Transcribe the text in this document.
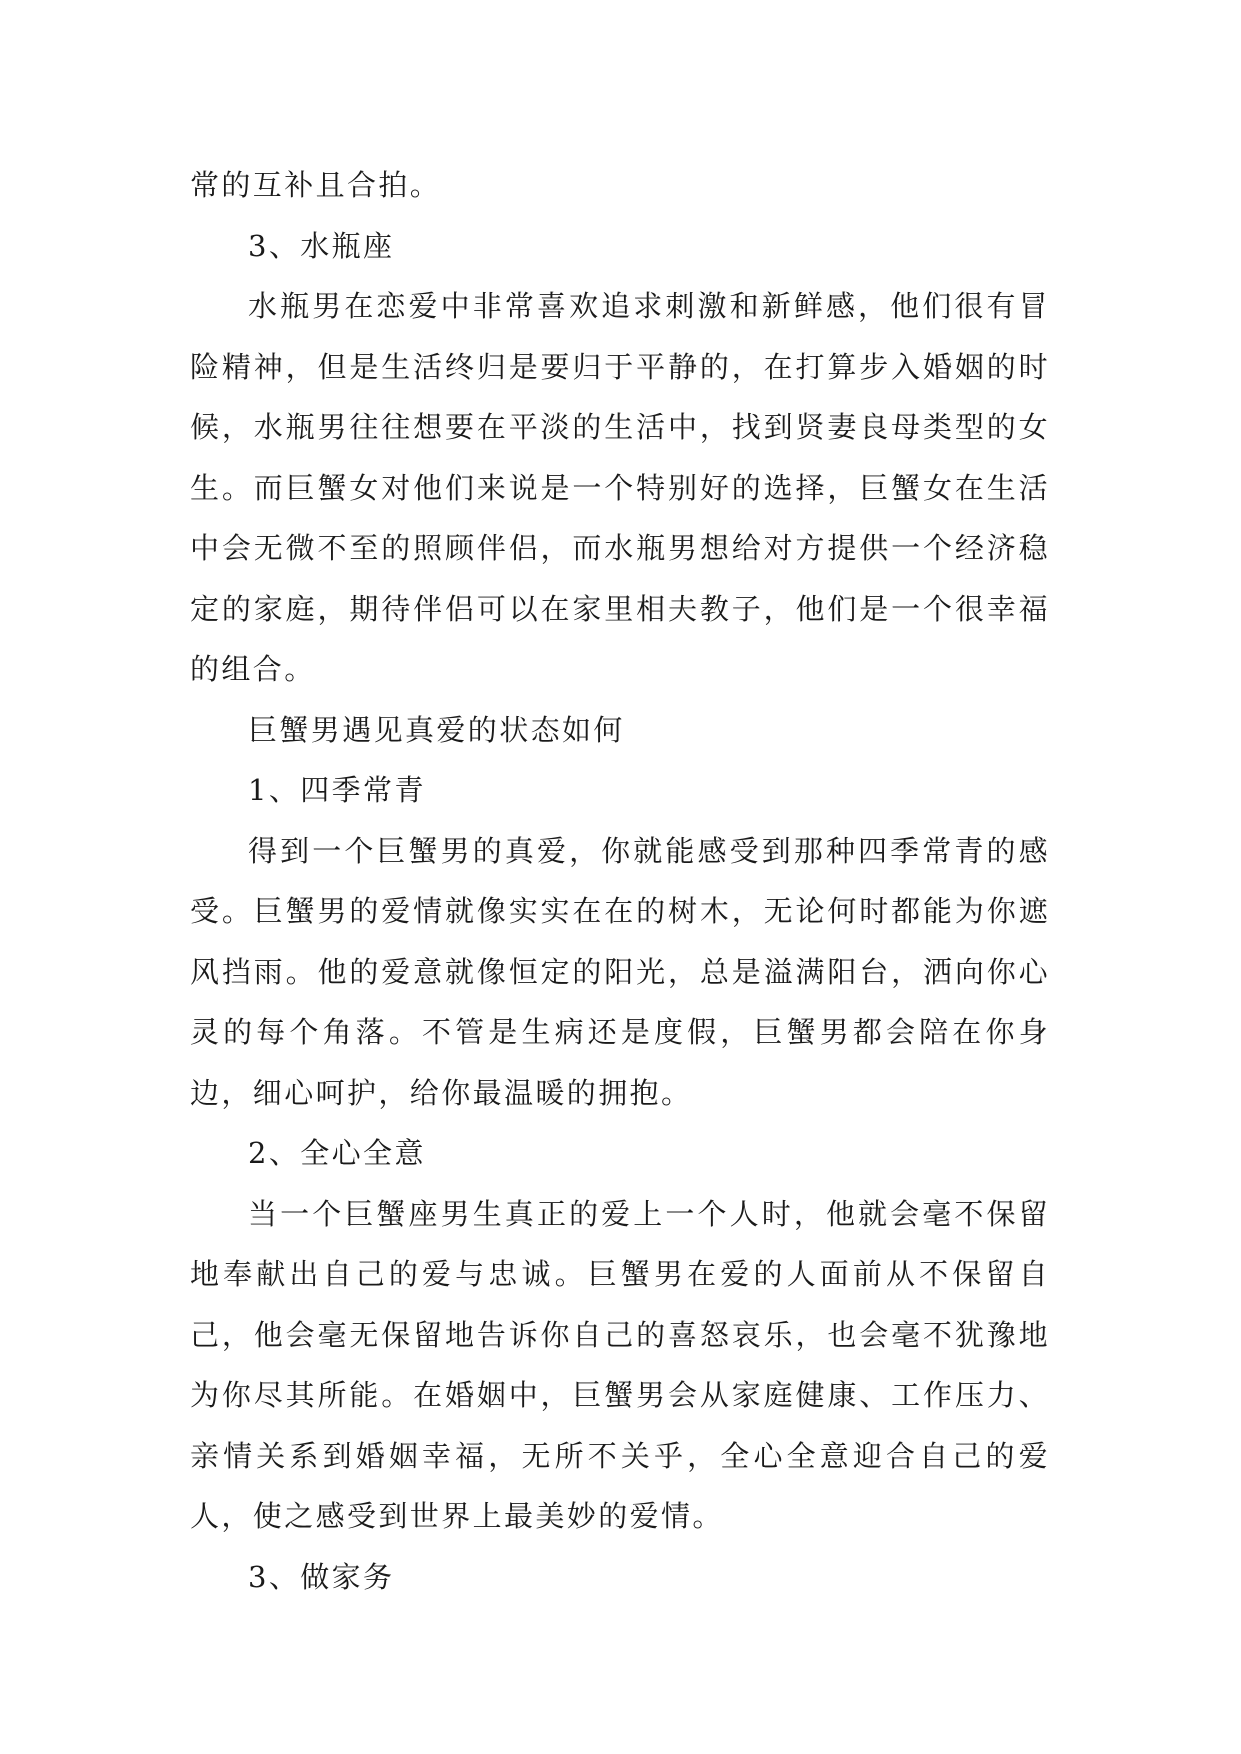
常的互补且合拍。

3、水瓶座

水瓶男在恋爱中非常喜欢追求刺激和新鲜感，他们很有冒险精神，但是生活终归是要归于平静的，在打算步入婚姻的时候，水瓶男往往想要在平淡的生活中，找到贤妻良母类型的女生。而巨蟹女对他们来说是一个特别好的选择，巨蟹女在生活中会无微不至的照顾伴侣，而水瓶男想给对方提供一个经济稳定的家庭，期待伴侣可以在家里相夫教子，他们是一个很幸福的组合。

巨蟹男遇见真爱的状态如何

1、四季常青

得到一个巨蟹男的真爱，你就能感受到那种四季常青的感受。巨蟹男的爱情就像实实在在的树木，无论何时都能为你遮风挡雨。他的爱意就像恒定的阳光，总是溢满阳台，洒向你心灵的每个角落。不管是生病还是度假，巨蟹男都会陪在你身边，细心呵护，给你最温暖的拥抱。

2、全心全意

当一个巨蟹座男生真正的爱上一个人时，他就会毫不保留地奉献出自己的爱与忠诚。巨蟹男在爱的人面前从不保留自己，他会毫无保留地告诉你自己的喜怒哀乐，也会毫不犹豫地为你尽其所能。在婚姻中，巨蟹男会从家庭健康、工作压力、亲情关系到婚姻幸福，无所不关乎，全心全意迎合自己的爱人，使之感受到世界上最美妙的爱情。

3、做家务
